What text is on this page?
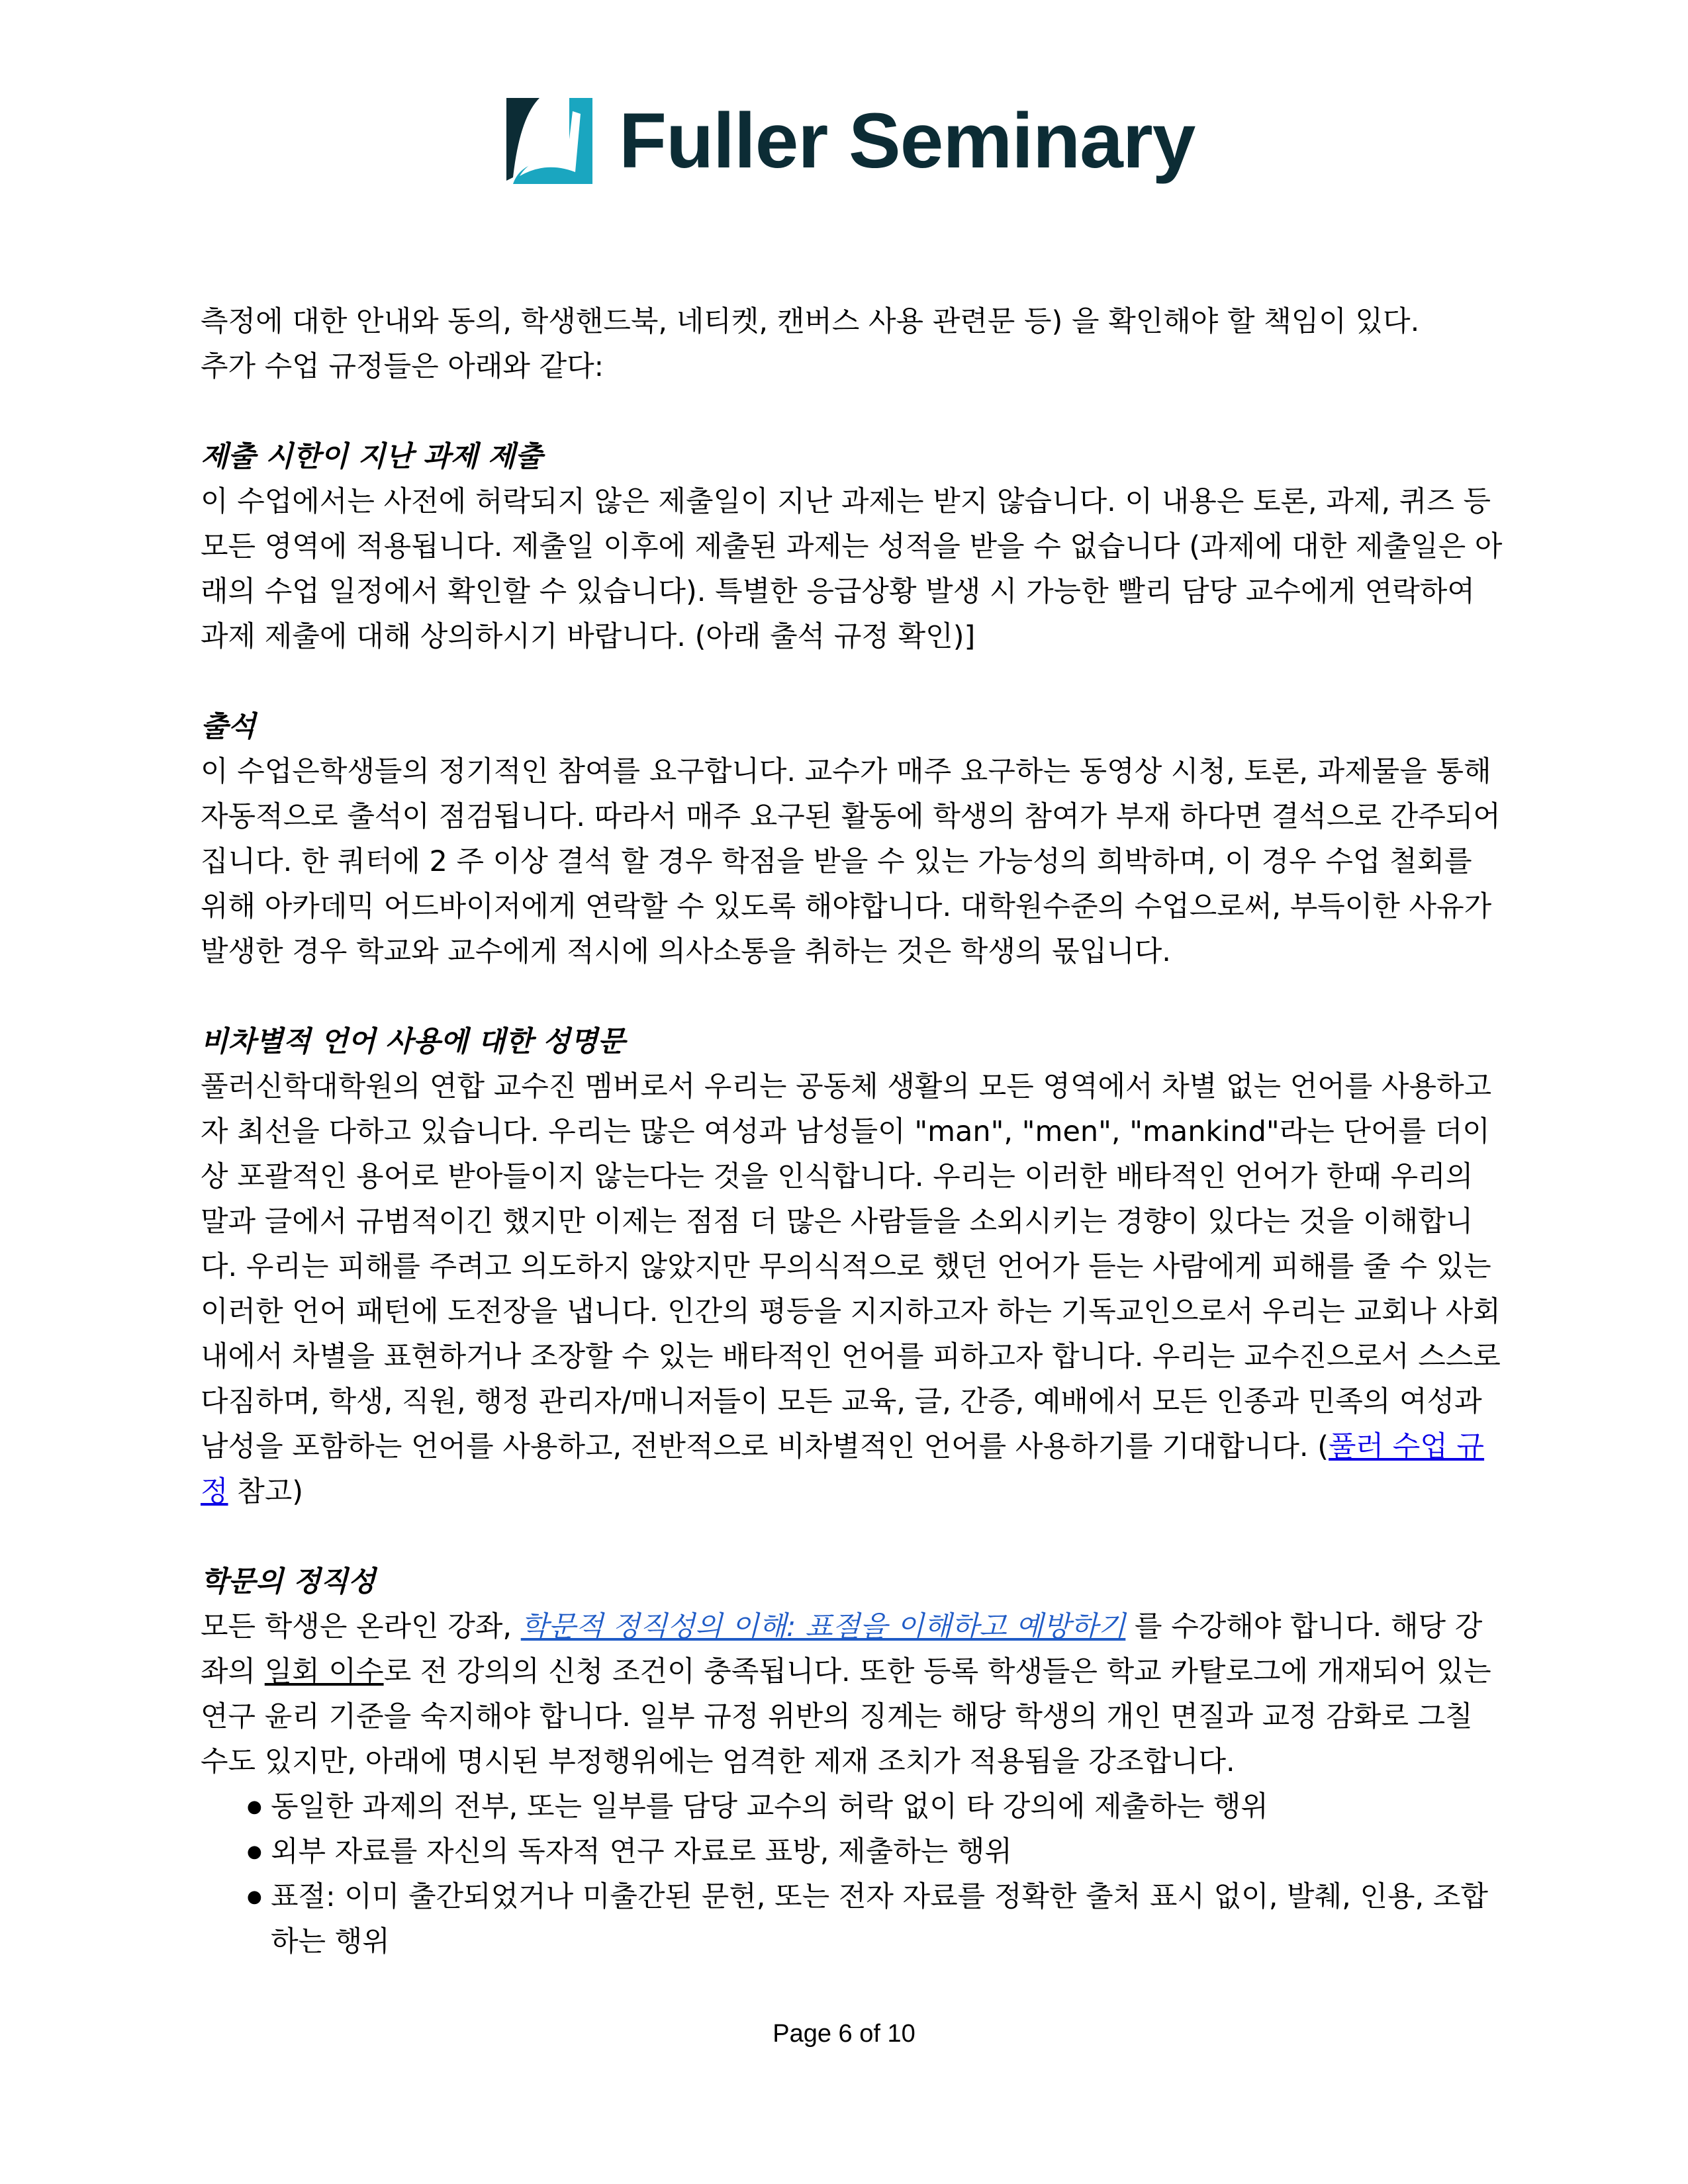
Fuller Seminary

측정에 대한 안내와 동의, 학생핸드북, 네티켓, 캔버스 사용 관련문 등) 을 확인해야 할 책임이 있다.

추가 수업 규정들은 아래와 같다:

제출 시한이 지난 과제 제출

이 수업에서는 사전에 허락되지 않은 제출일이 지난 과제는 받지 않습니다. 이 내용은 토론, 과제, 퀴즈 등 모든 영역에 적용됩니다. 제출일 이후에 제출된 과제는 성적을 받을 수 없습니다 (과제에 대한 제출일은 아래의 수업 일정에서 확인할 수 있습니다). 특별한 응급상황 발생 시 가능한 빨리 담당 교수에게 연락하여 과제 제출에 대해 상의하시기 바랍니다. (아래 출석 규정 확인)]

출석

이 수업은학생들의 정기적인 참여를 요구합니다. 교수가 매주 요구하는 동영상 시청, 토론, 과제물을 통해 자동적으로 출석이 점검됩니다. 따라서 매주 요구된 활동에 학생의 참여가 부재 하다면 결석으로 간주되어집니다. 한 쿼터에 2 주 이상 결석 할 경우 학점을 받을 수 있는 가능성의 희박하며, 이 경우 수업 철회를 위해 아카데믹 어드바이저에게 연락할 수 있도록 해야합니다. 대학원수준의 수업으로써, 부득이한 사유가 발생한 경우 학교와 교수에게 적시에 의사소통을 취하는 것은 학생의 몫입니다.

비차별적 언어 사용에 대한 성명문

풀러신학대학원의 연합 교수진 멤버로서 우리는 공동체 생활의 모든 영역에서 차별 없는 언어를 사용하고자 최선을 다하고 있습니다. 우리는 많은 여성과 남성들이 "man", "men", "mankind"라는 단어를 더이상 포괄적인 용어로 받아들이지 않는다는 것을 인식합니다. 우리는 이러한 배타적인 언어가 한때 우리의 말과 글에서 규범적이긴 했지만 이제는 점점 더 많은 사람들을 소외시키는 경향이 있다는 것을 이해합니다. 우리는 피해를 주려고 의도하지 않았지만 무의식적으로 했던 언어가 듣는 사람에게 피해를 줄 수 있는 이러한 언어 패턴에 도전장을 냅니다. 인간의 평등을 지지하고자 하는 기독교인으로서 우리는 교회나 사회 내에서 차별을 표현하거나 조장할 수 있는 배타적인 언어를 피하고자 합니다. 우리는 교수진으로서 스스로 다짐하며, 학생, 직원, 행정 관리자/매니저들이 모든 교육, 글, 간증, 예배에서 모든 인종과 민족의 여성과 남성을 포함하는 언어를 사용하고, 전반적으로 비차별적인 언어를 사용하기를 기대합니다. (풀러 수업 규정 참고)

학문의 정직성

모든 학생은 온라인 강좌, 학문적 정직성의 이해: 표절을 이해하고 예방하기 를 수강해야 합니다. 해당 강좌의 일회 이수로 전 강의의 신청 조건이 충족됩니다. 또한 등록 학생들은 학교 카탈로그에 개재되어 있는 연구 윤리 기준을 숙지해야 합니다. 일부 규정 위반의 징계는 해당 학생의 개인 면질과 교정 감화로 그칠 수도 있지만, 아래에 명시된 부정행위에는 엄격한 제재 조치가 적용됨을 강조합니다.

● 동일한 과제의 전부, 또는 일부를 담당 교수의 허락 없이 타 강의에 제출하는 행위
● 외부 자료를 자신의 독자적 연구 자료로 표방, 제출하는 행위
● 표절: 이미 출간되었거나 미출간된 문헌, 또는 전자 자료를 정확한 출처 표시 없이, 발췌, 인용, 조합하는 행위
Page 6 of 10
